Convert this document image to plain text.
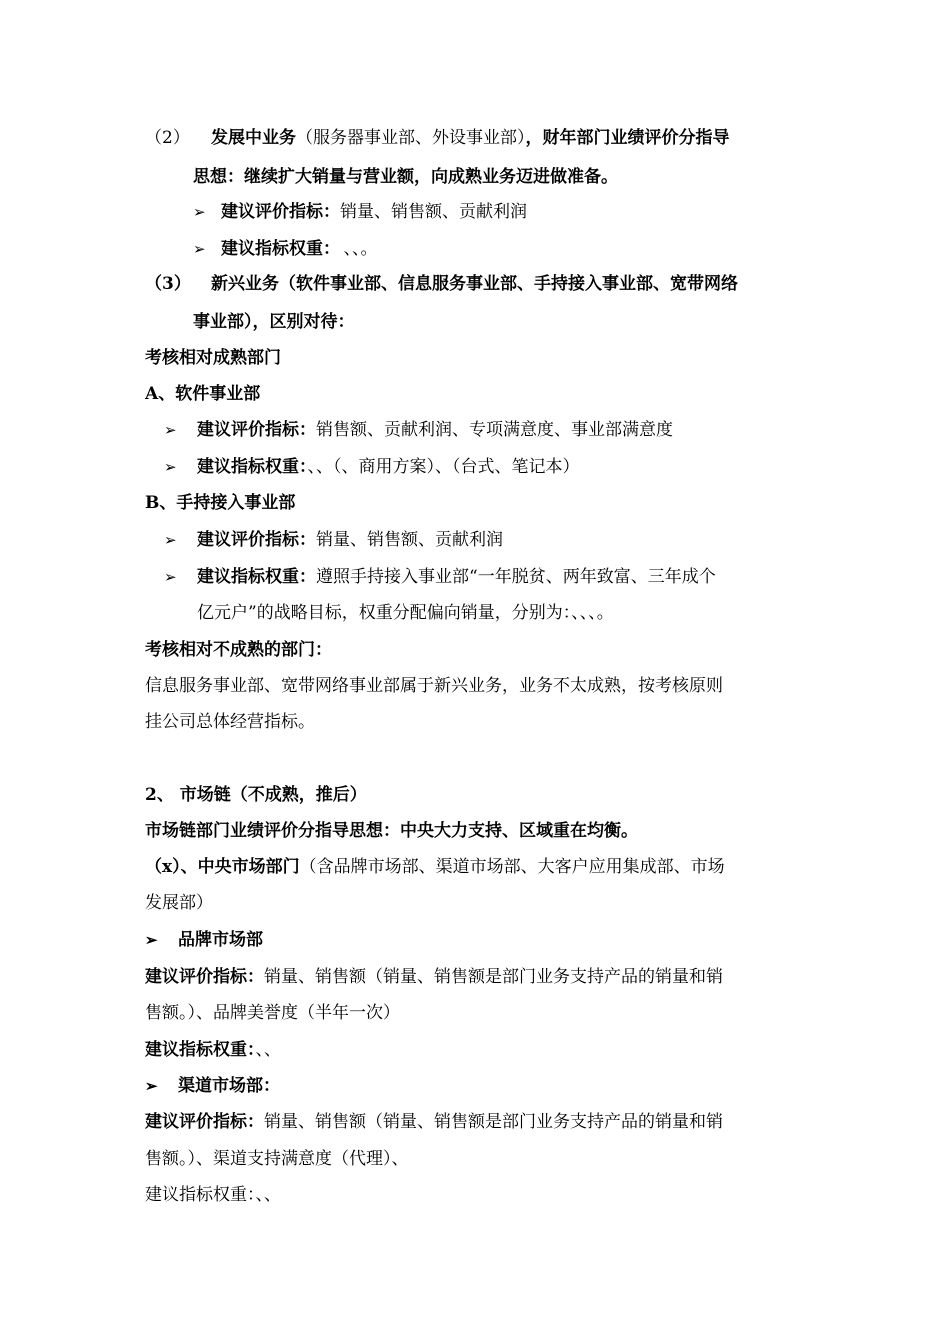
（2） 发展中业务（服务器事业部、外设事业部），财年部门业绩评价分指导
思想：继续扩大销量与营业额，向成熟业务迈进做准备。
➢ 建议评价指标：销量、销售额、贡献利润
➢ 建议指标权重： 、、。
（3） 新兴业务（软件事业部、信息服务事业部、手持接入事业部、宽带网络
事业部），区别对待：
考核相对成熟部门
A、软件事业部
➢ 建议评价指标：销售额、贡献利润、专项满意度、事业部满意度
➢ 建议指标权重：、、（、商用方案）、（台式、笔记本）
B、手持接入事业部
➢ 建议评价指标：销量、销售额、贡献利润
➢ 建议指标权重：遵照手持接入事业部“一年脱贫、两年致富、三年成个
亿元户”的战略目标，权重分配偏向销量，分别为：、、、。
考核相对不成熟的部门：
信息服务事业部、宽带网络事业部属于新兴业务，业务不太成熟，按考核原则
挂公司总体经营指标。
2、 市场链（不成熟，推后）
市场链部门业绩评价分指导思想：中央大力支持、区域重在均衡。
（x）、中央市场部门（含品牌市场部、渠道市场部、大客户应用集成部、市场
发展部）
➢ 品牌市场部
建议评价指标：销量、销售额（销量、销售额是部门业务支持产品的销量和销
售额。）、品牌美誉度（半年一次）
建议指标权重：、、
➢ 渠道市场部：
建议评价指标：销量、销售额（销量、销售额是部门业务支持产品的销量和销
售额。）、渠道支持满意度（代理）、
建议指标权重：、、
